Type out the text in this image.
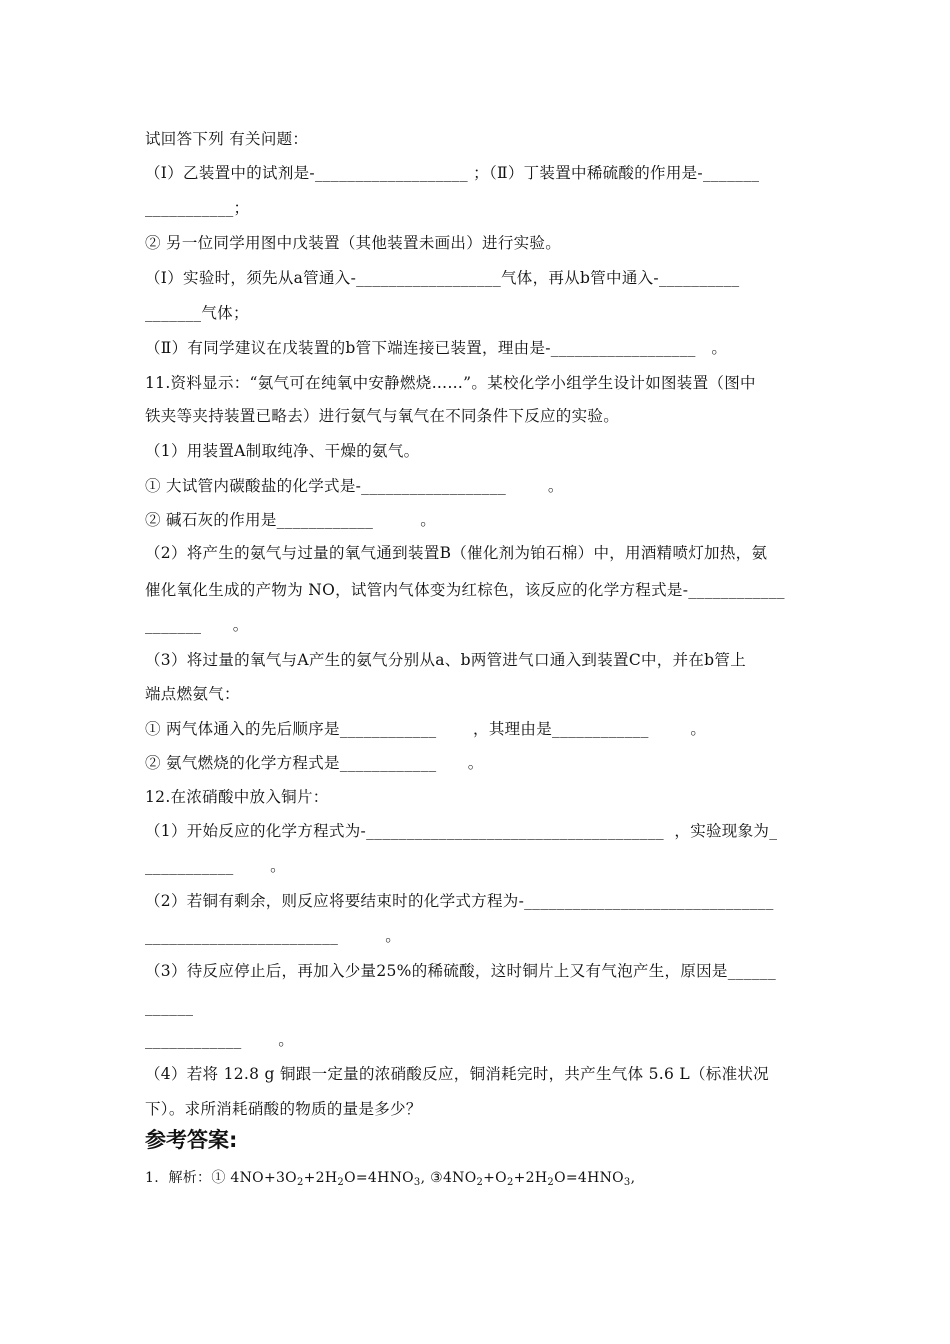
试回答下列 有关问题：
（Ⅰ）乙装置中的试剂是-___________________ ；（Ⅱ）丁装置中稀硫酸的作用是-_______
___________；
② 另一位同学用图中戊装置（其他装置未画出）进行实验。
（Ⅰ）实验时，须先从a管通入-__________________气体，再从b管中通入-__________
_______气体；
（Ⅱ）有同学建议在戊装置的b管下端连接已装置，理由是-__________________   。
11.资料显示：“氨气可在纯氧中安静燃烧……”。某校化学小组学生设计如图装置（图中
铁夹等夹持装置已略去）进行氨气与氧气在不同条件下反应的实验。
（1）用装置A制取纯净、干燥的氨气。
① 大试管内碳酸盐的化学式是-__________________        。
② 碱石灰的作用是____________         。
（2）将产生的氨气与过量的氧气通到装置B（催化剂为铂石棉）中，用酒精喷灯加热，氨
催化氧化生成的产物为 NO，试管内气体变为红棕色，该反应的化学方程式是-____________
_______      。
（3）将过量的氧气与A产生的氨气分别从a、b两管进气口通入到装置C中，并在b管上
端点燃氨气：
① 两气体通入的先后顺序是____________       ，其理由是____________        。
② 氨气燃烧的化学方程式是____________      。
12.在浓硝酸中放入铜片：
（1）开始反应的化学方程式为-_____________________________________  ，实验现象为_
___________       。
（2）若铜有剩余，则反应将要结束时的化学式方程为-_______________________________
________________________         。
（3）待反应停止后，再加入少量25%的稀硫酸，这时铜片上又有气泡产生，原因是______
______
____________       。
（4）若将 12.8 g 铜跟一定量的浓硝酸反应，铜消耗完时，共产生气体 5.6 L（标准状况
下）。求所消耗硝酸的物质的量是多少？
参考答案:
1.  解析：① $4NO+3O_2+2H_2O=4HNO_3$, $③4NO_2+O_2+2H_2O=4HNO_3$,
